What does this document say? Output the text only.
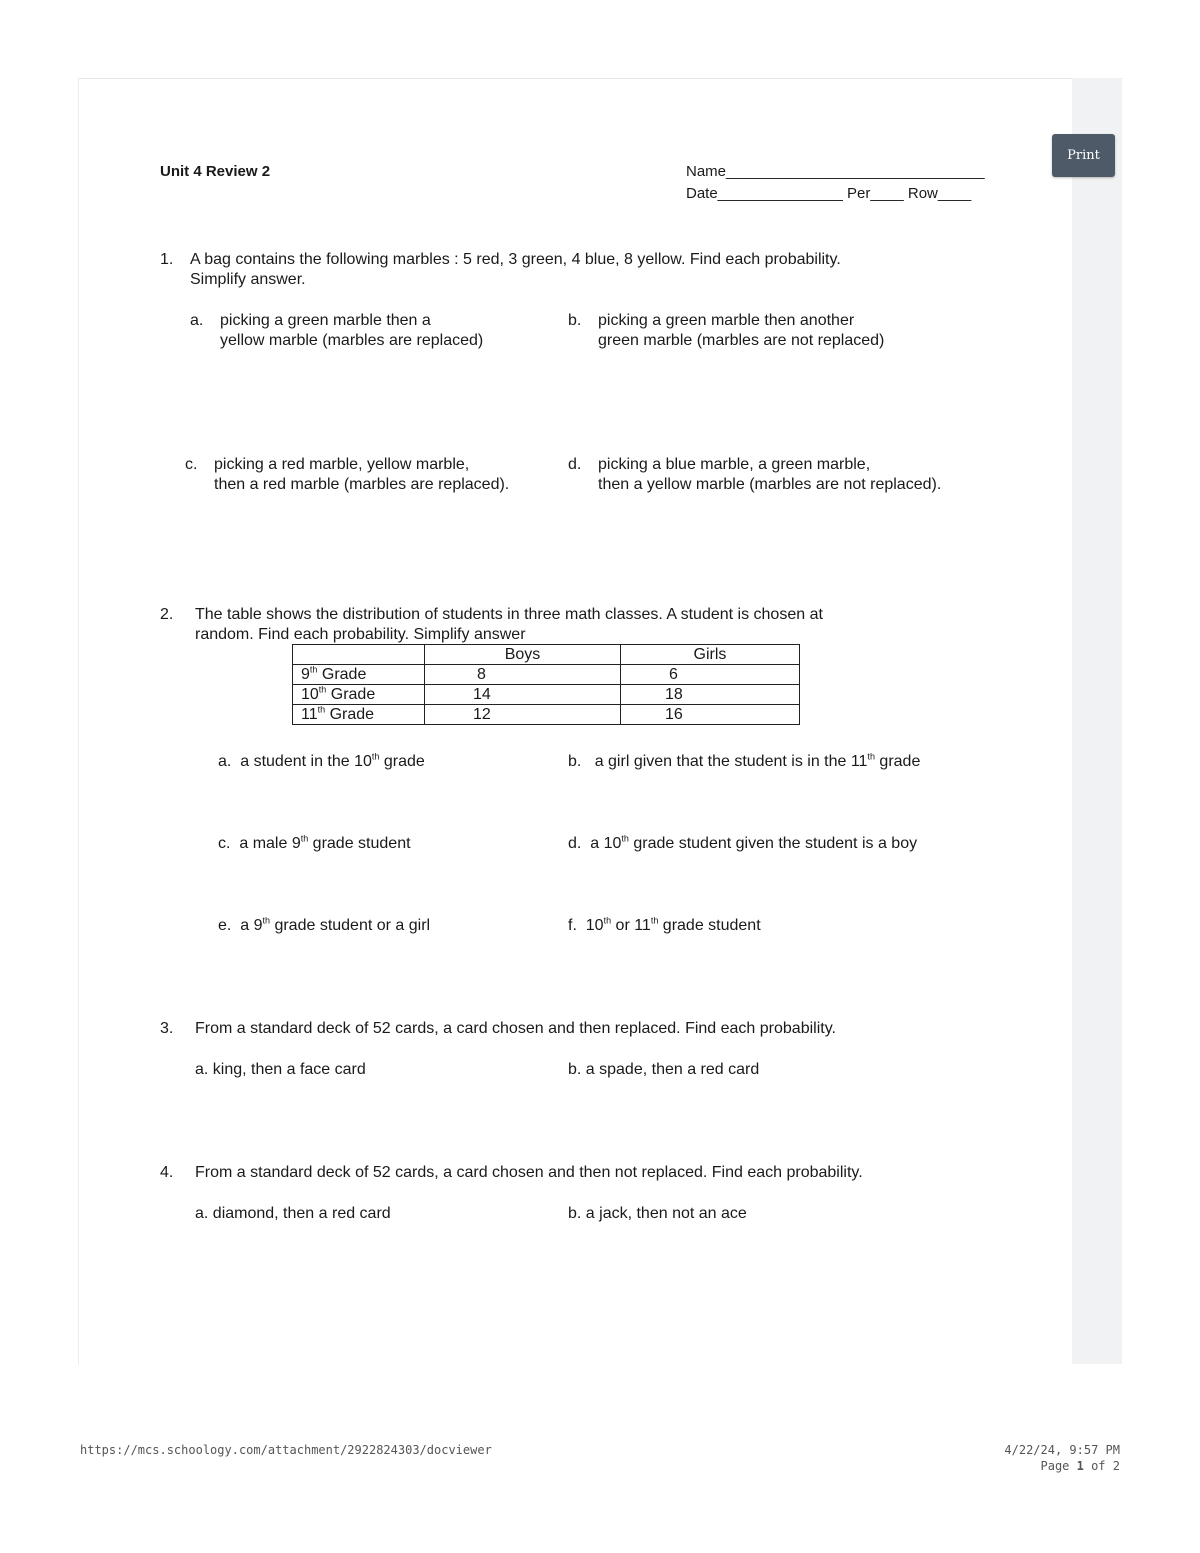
Print
Unit 4 Review 2	Name_______________________________
Date_______________ Per____ Row____
1. A bag contains the following marbles : 5 red, 3 green, 4 blue, 8 yellow. Find each probability.
Simplify answer.
a. picking a green marble then a
yellow marble (marbles are replaced)
b. picking a green marble then another
green marble (marbles are not replaced)
c. picking a red marble, yellow marble,
then a red marble (marbles are replaced).
d. picking a blue marble, a green marble,
then a yellow marble (marbles are not replaced).
2. The table shows the distribution of students in three math classes. A student is chosen at
random. Find each probability. Simplify answer
	Boys	Girls
9th Grade	8	6
10th Grade	14	18
11th Grade	12	16
a. a student in the 10th grade	b. a girl given that the student is in the 11th grade
c. a male 9th grade student	d. a 10th grade student given the student is a boy
e. a 9th grade student or a girl	f. 10th or 11th grade student
3. From a standard deck of 52 cards, a card chosen and then replaced. Find each probability.
a. king, then a face card	b. a spade, then a red card
4. From a standard deck of 52 cards, a card chosen and then not replaced. Find each probability.
a. diamond, then a red card	b. a jack, then not an ace
https://mcs.schoology.com/attachment/2922824303/docviewer	4/22/24, 9:57 PM
Page 1 of 2
